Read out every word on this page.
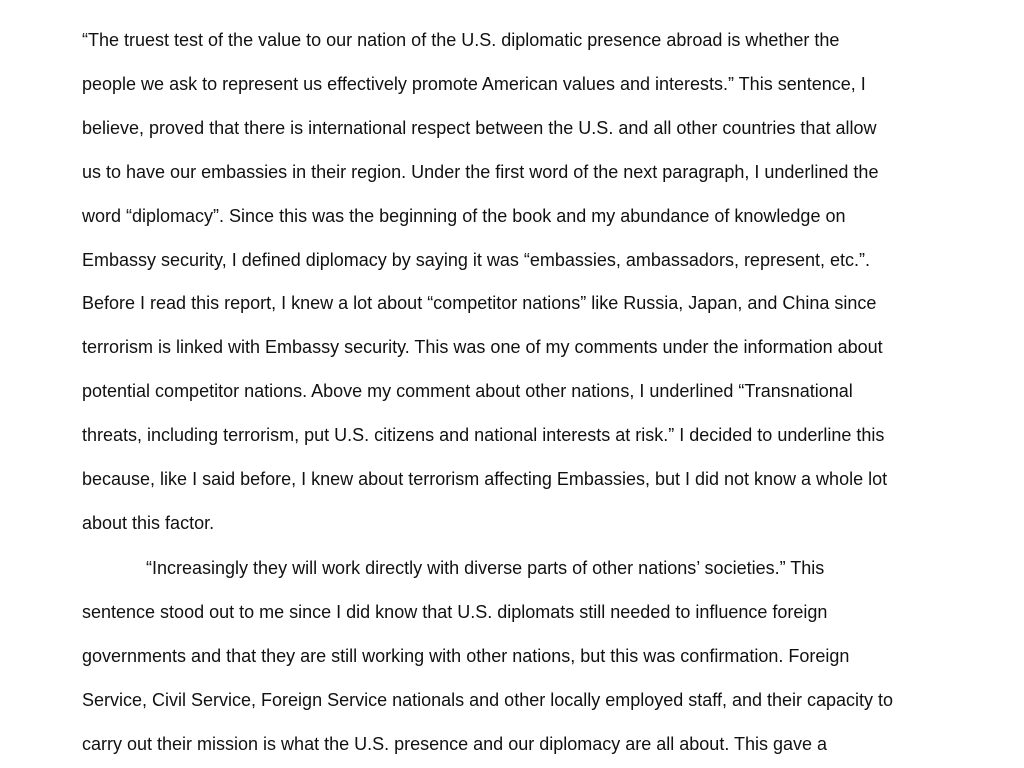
“The truest test of the value to our nation of the U.S. diplomatic presence abroad is whether the

people we ask to represent us effectively promote American values and interests.” This sentence, I

believe, proved that there is international respect between the U.S. and all other countries that allow

us to have our embassies in their region. Under the first word of the next paragraph, I underlined the

word “diplomacy”. Since this was the beginning of the book and my abundance of knowledge on

Embassy security, I defined diplomacy by saying it was “embassies, ambassadors, represent, etc.”.

Before I read this report, I knew a lot about “competitor nations” like Russia, Japan, and China since

terrorism is linked with Embassy security. This was one of my comments under the information about

potential competitor nations. Above my comment about other nations, I underlined “Transnational

threats, including terrorism, put U.S. citizens and national interests at risk.” I decided to underline this

because, like I said before, I knew about terrorism affecting Embassies, but I did not know a whole lot

about this factor.

“Increasingly they will work directly with diverse parts of other nations’ societies.” This

sentence stood out to me since I did know that U.S. diplomats still needed to influence foreign

governments and that they are still working with other nations, but this was confirmation. Foreign

Service, Civil Service, Foreign Service nationals and other locally employed staff, and their capacity to

carry out their mission is what the U.S. presence and our diplomacy are all about. This gave a
